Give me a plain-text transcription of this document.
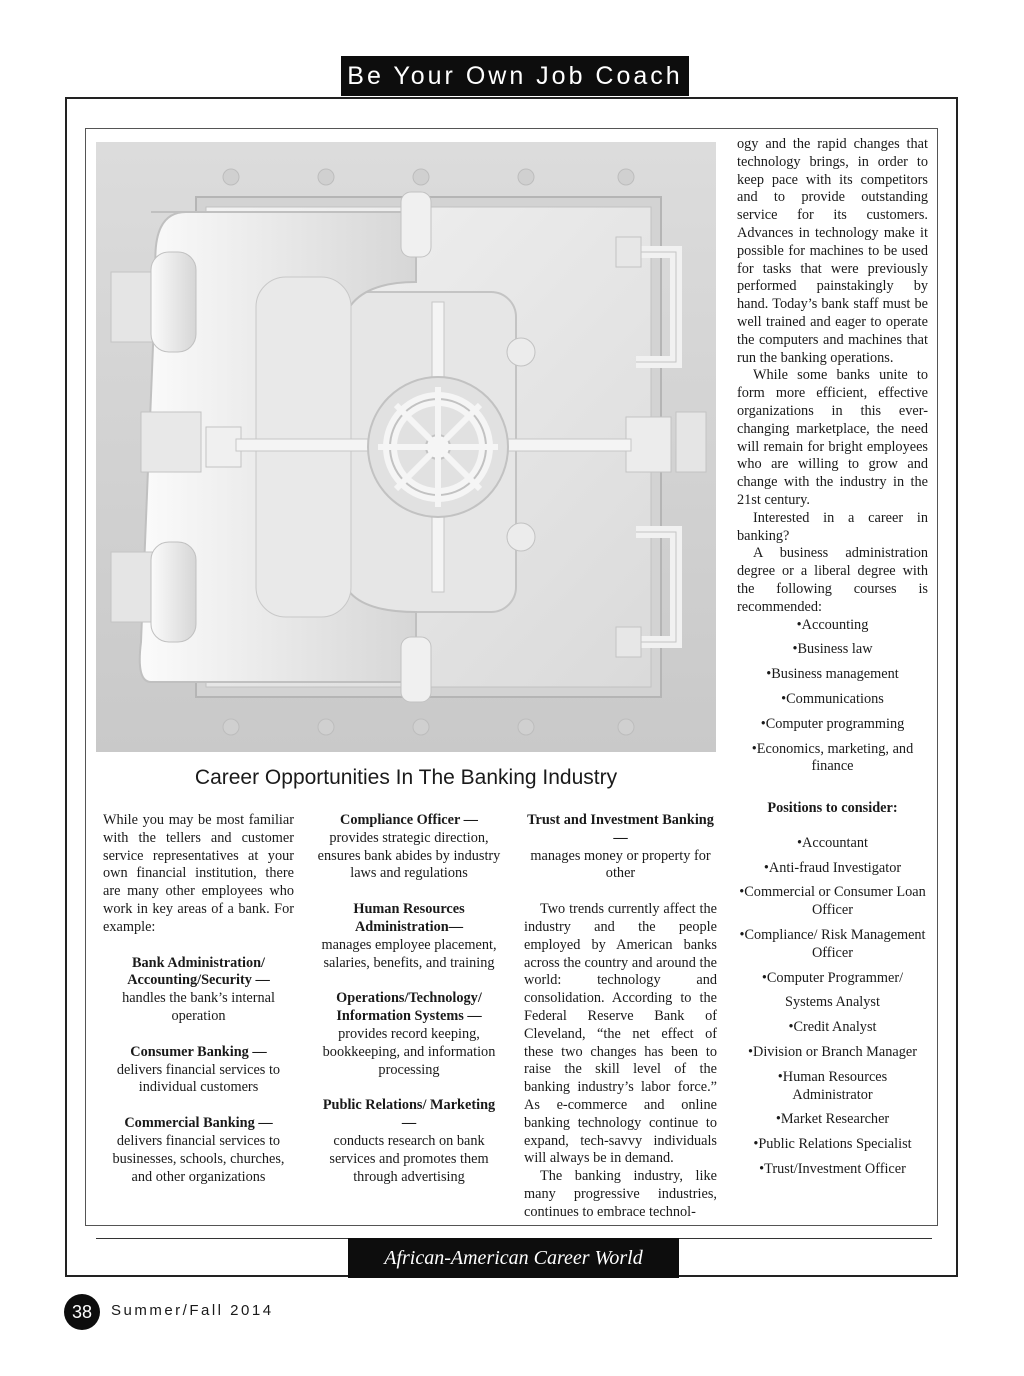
Be Your Own Job Coach
Career Opportunities In The Banking Industry

While you may be most familiar with the tellers and customer service representatives at your own financial institution, there are many other employees who work in key areas of a bank. For example:

Bank Administration/ Accounting/Security —

handles the bank’s internal operation

Consumer Banking —

delivers financial services to individual customers

Commercial Banking —

delivers financial services to businesses, schools, churches, and other organizations

Compliance Officer —

provides strategic direction, ensures bank abides by industry laws and regulations

Human Resources Administration—

manages employee placement, salaries, benefits, and training

Operations/Technology/ Information Systems —

provides record keeping, bookkeeping, and information processing

Public Relations/ Marketing—

conducts research on bank services and promotes them through advertising

Trust and Investment Banking —

manages money or property for other

Two trends currently affect the industry and the people employed by American banks across the country and around the world: technology and consolidation. According to the Federal Reserve Bank of Cleveland, “the net effect of these two changes has been to raise the skill level of the banking industry’s labor force.” As e-commerce and online banking technology continue to expand, tech-savvy individuals will always be in demand.

The banking industry, like many progressive industries, continues to embrace technol-

ogy and the rapid changes that technology brings, in order to keep pace with its competitors and to provide outstanding service for its customers. Advances in technology make it possible for machines to be used for tasks that were previously performed painstakingly by hand. Today’s bank staff must be well trained and eager to operate the computers and machines that run the banking operations.

While some banks unite to form more efficient, effective organizations in this ever-changing marketplace, the need will remain for bright employees who are willing to grow and change with the industry in the 21st century.

Interested in a career in banking?

A business administration degree or a liberal degree with the following courses is recommended:

•Accounting

•Business law

•Business management

•Communications

•Computer programming

•Economics, marketing, and finance

Positions to consider:

•Accountant

•Anti-fraud Investigator

•Commercial or Consumer Loan Officer

•Compliance/ Risk Management Officer

•Computer Programmer/

Systems Analyst

•Credit Analyst

•Division or Branch Manager

•Human Resources Administrator

•Market Researcher

•Public Relations Specialist

•Trust/Investment Officer

African-American Career World
38	Summer/Fall 2014
